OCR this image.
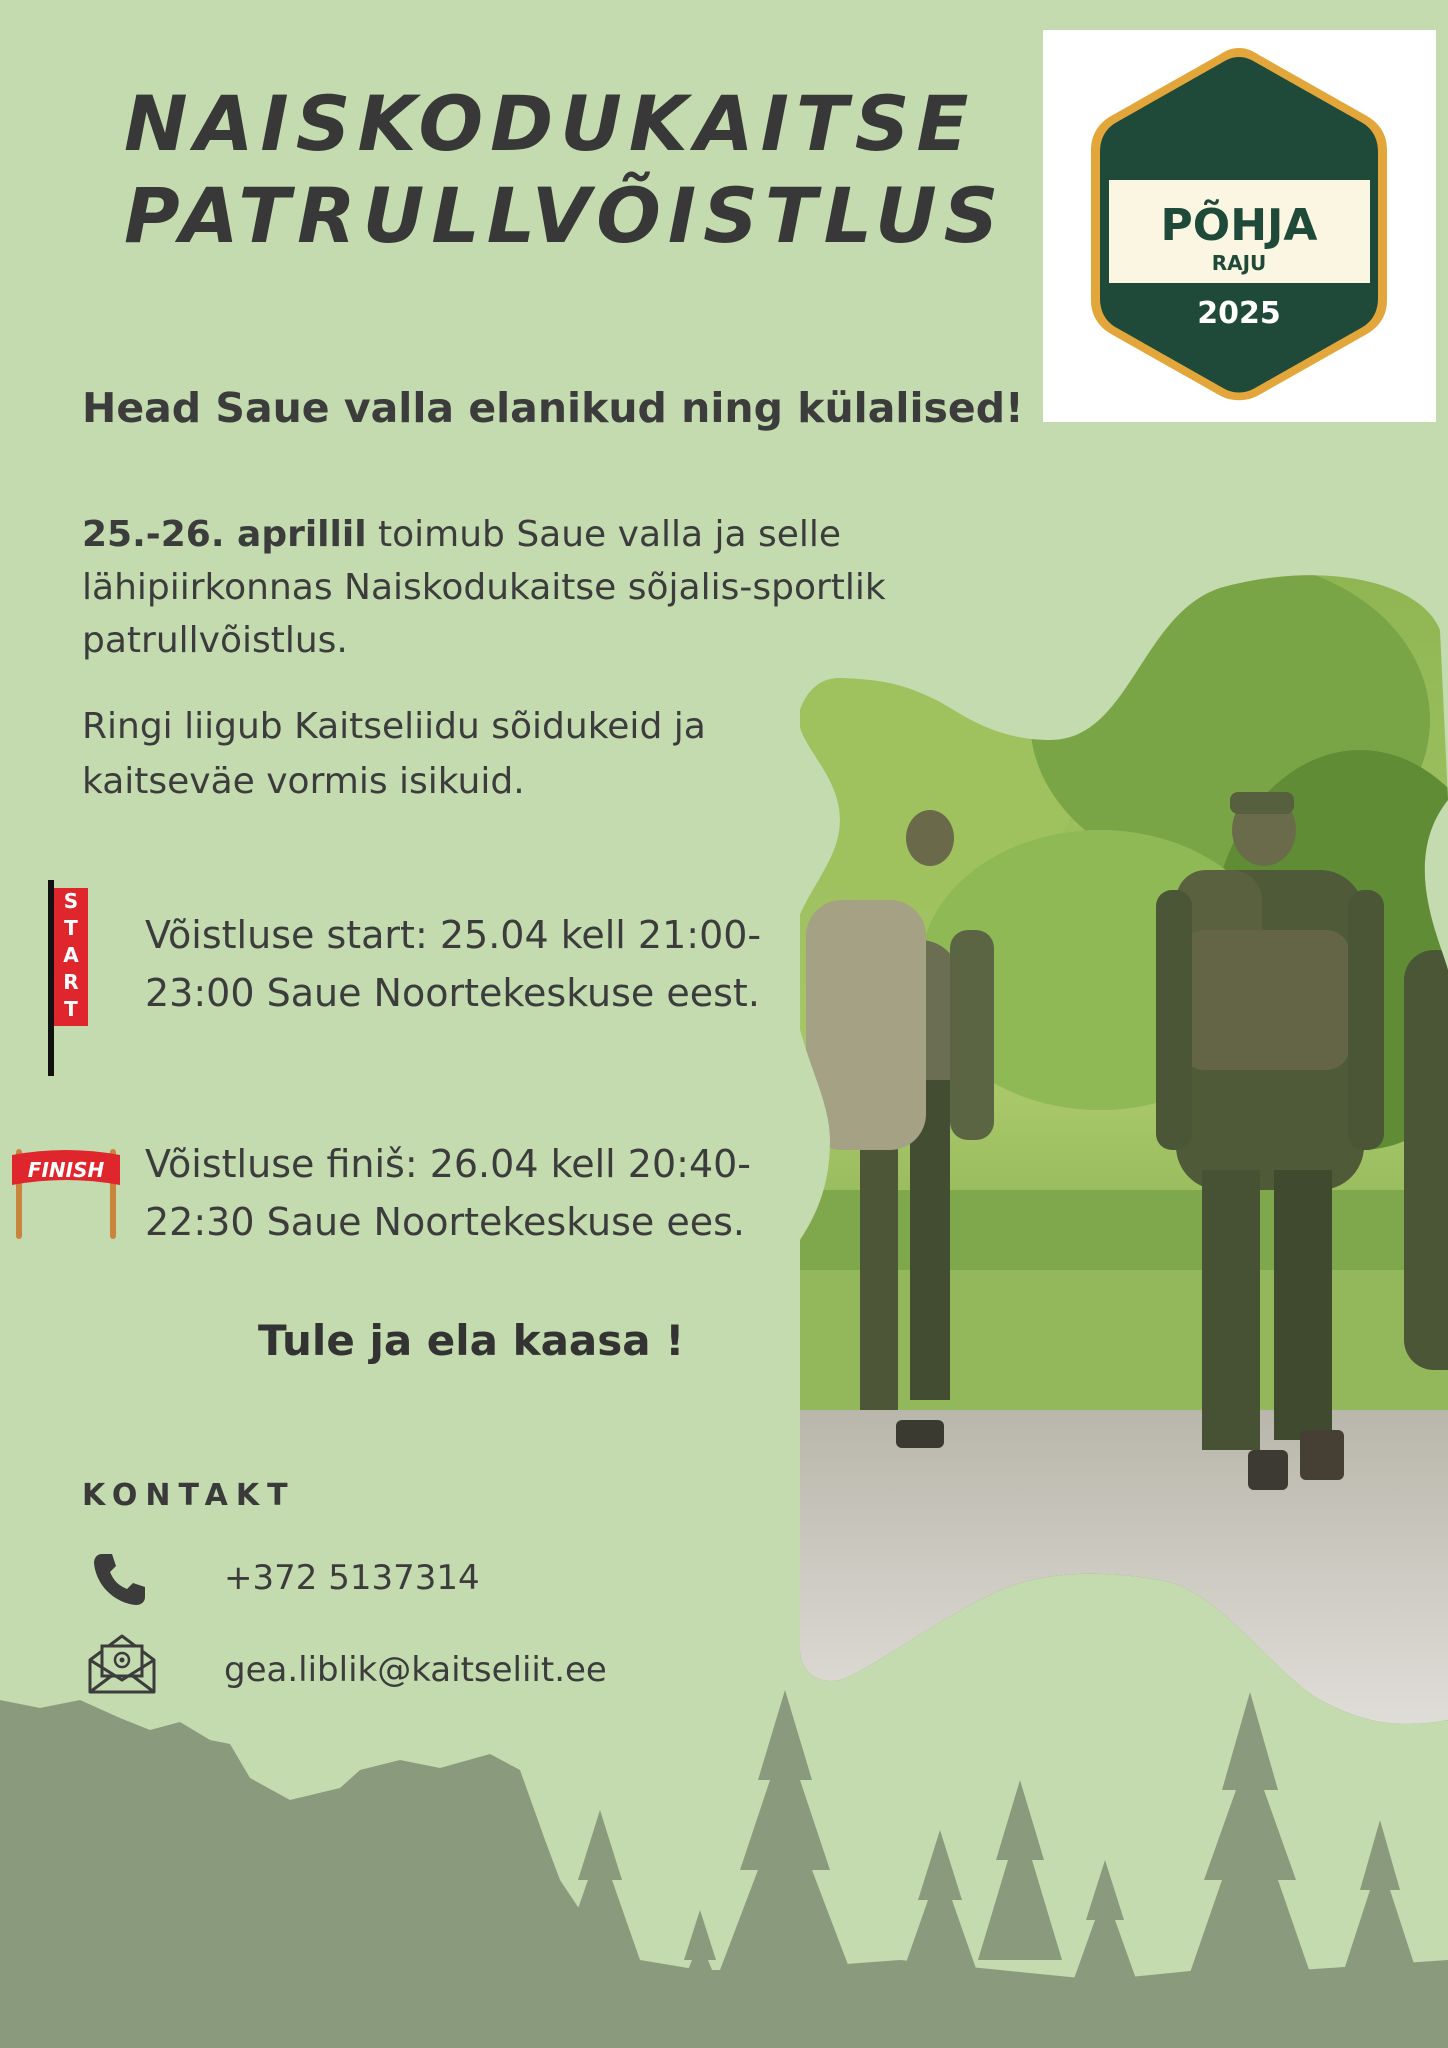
NAISKODUKAITSE
PATRULLVÕISTLUS	PÕHJA
RAJU
2025

Head Saue valla elanikud ning külalised!

25.-26. aprillil toimub Saue valla ja selle lähipiirkonnas Naiskodukaitse sõjalis-sportlik patrullvõistlus.

Ringi liigub Kaitseliidu sõidukeid ja kaitseväe vormis isikuid.

S T A R T

Võistluse start: 25.04 kell 21:00-23:00 Saue Noortekeskuse eest.

FINISH Võistluse finiš: 26.04 kell 20:40-22:30 Saue Noortekeskuse ees.

Tule ja ela kaasa !

KONTAKT

+372 5137314

gea.liblik@kaitseliit.ee
